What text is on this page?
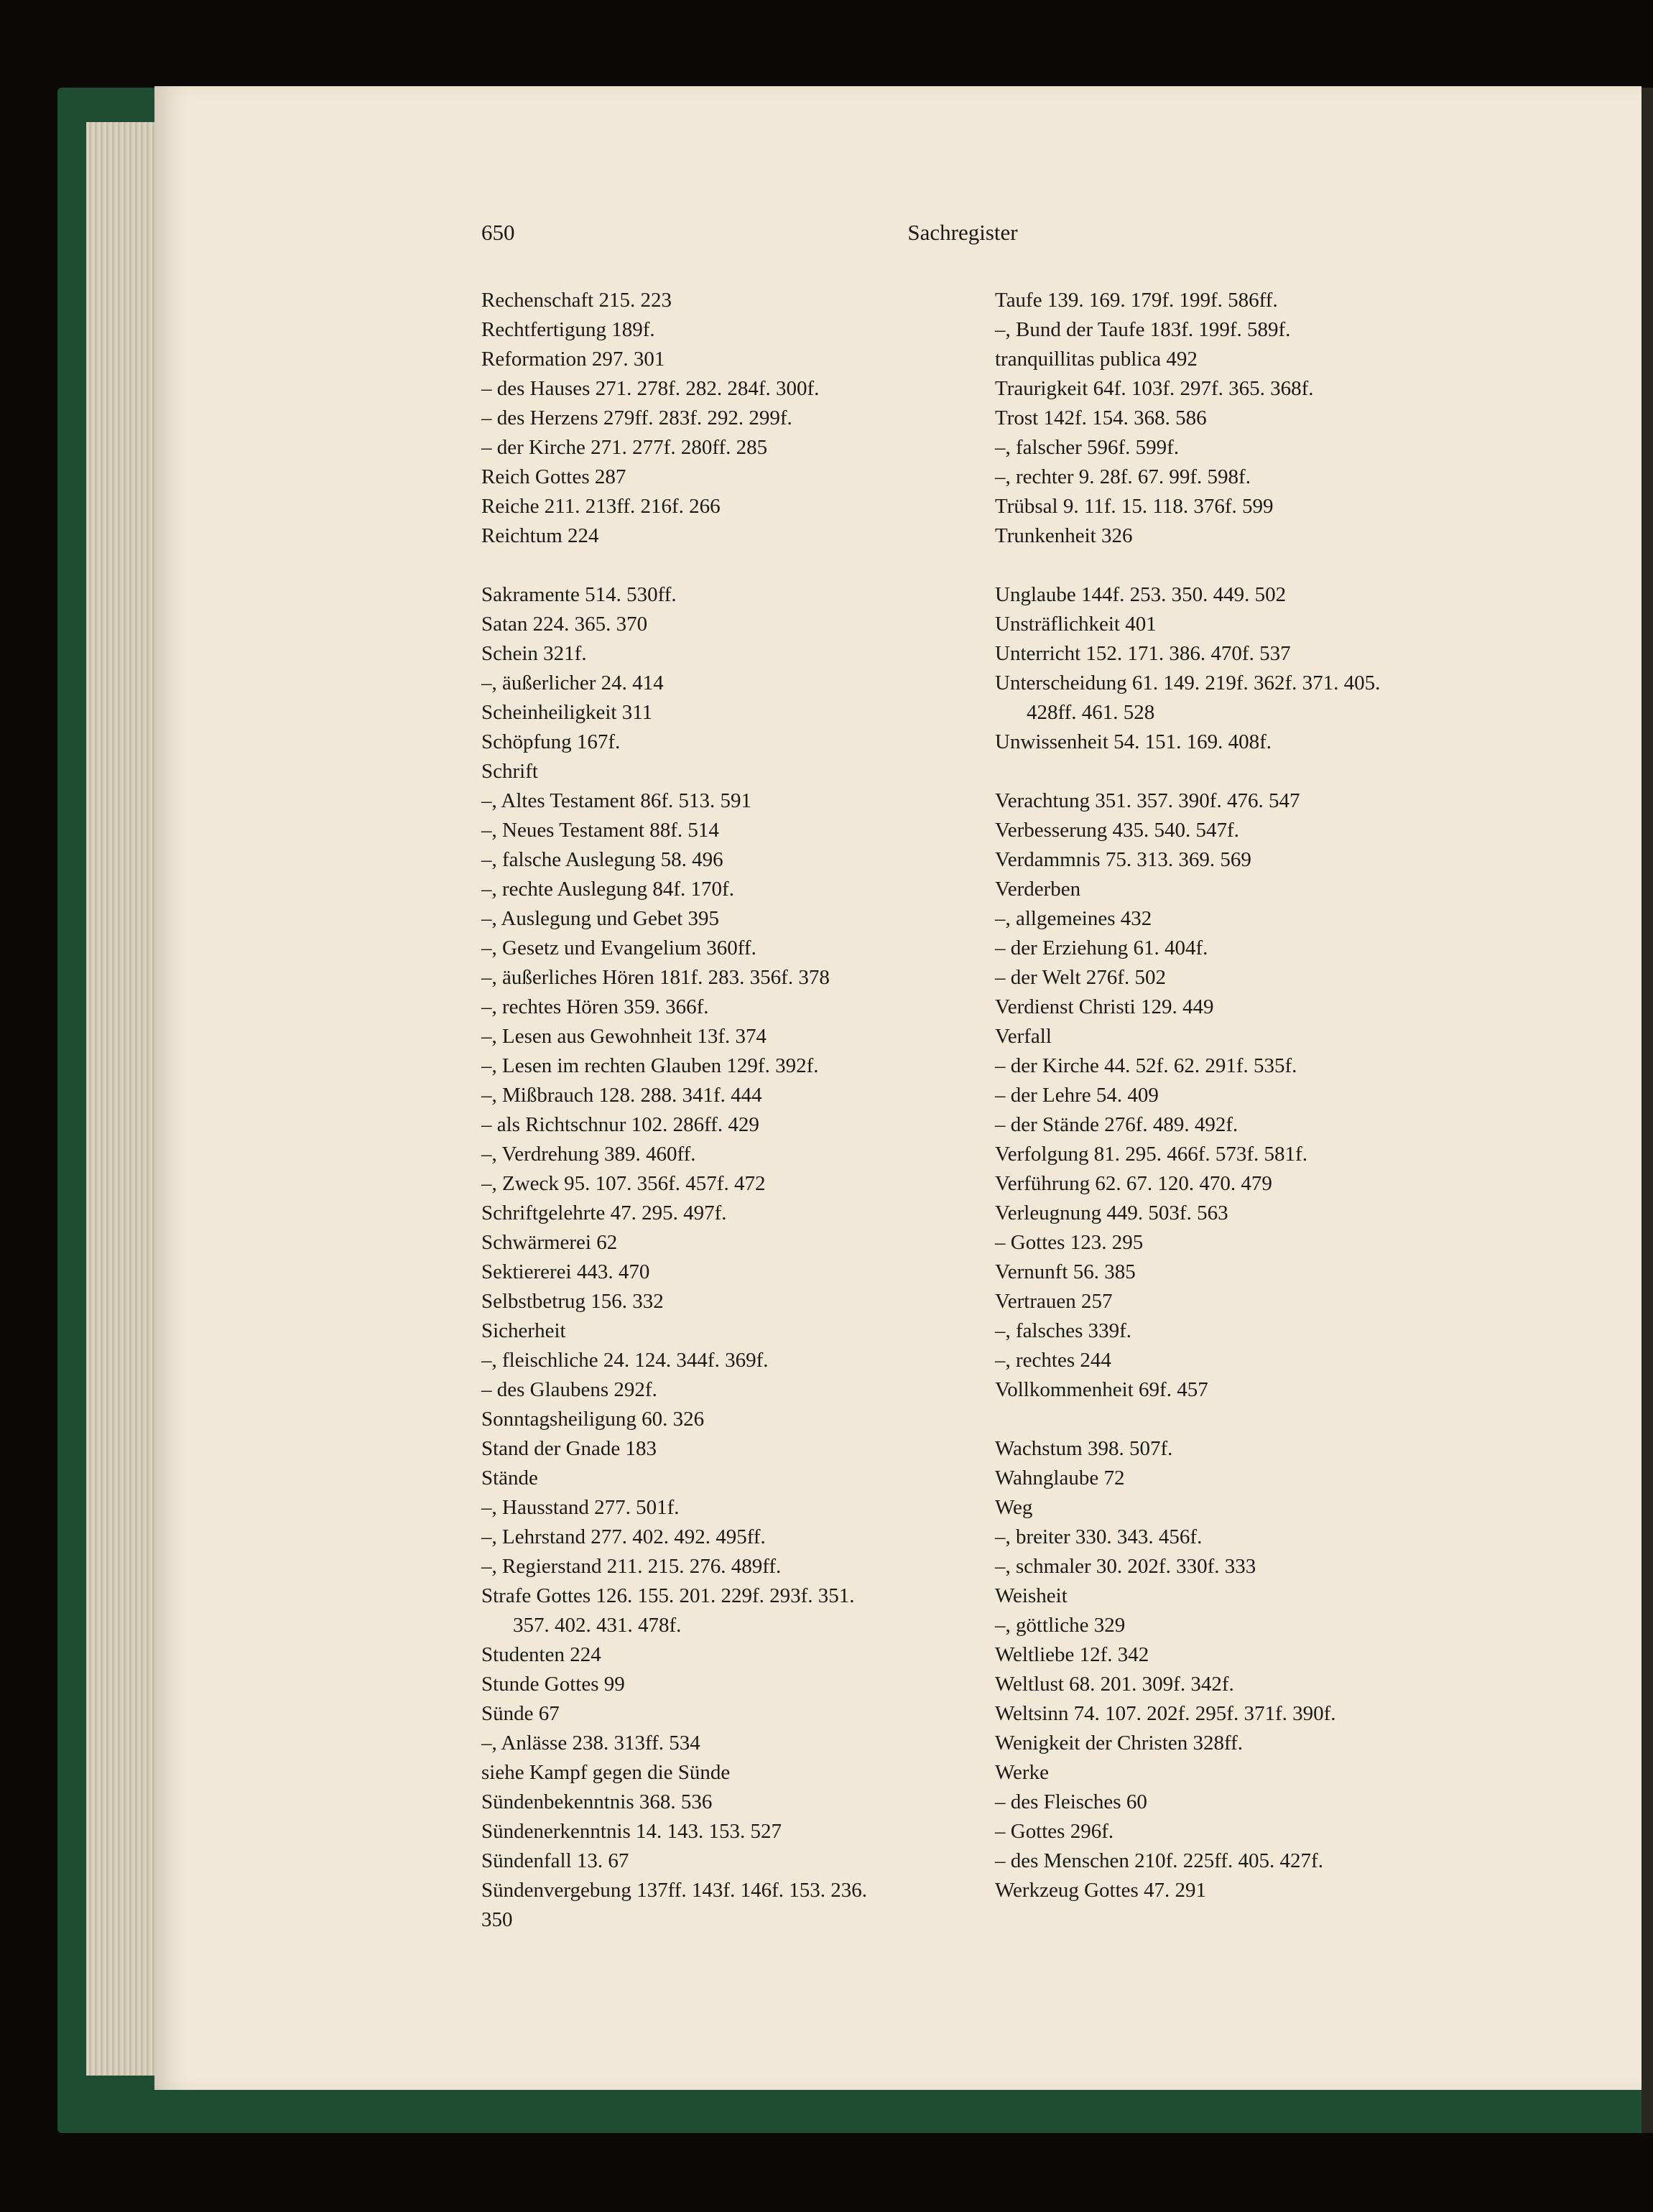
650	Sachregister
Rechenschaft 215. 223
Rechtfertigung 189f.
Reformation 297. 301
– des Hauses 271. 278f. 282. 284f. 300f.
– des Herzens 279ff. 283f. 292. 299f.
– der Kirche 271. 277f. 280ff. 285
Reich Gottes 287
Reiche 211. 213ff. 216f. 266
Reichtum 224
Sakramente 514. 530ff.
Satan 224. 365. 370
Schein 321f.
–, äußerlicher 24. 414
Scheinheiligkeit 311
Schöpfung 167f.
Schrift
–, Altes Testament 86f. 513. 591
–, Neues Testament 88f. 514
–, falsche Auslegung 58. 496
–, rechte Auslegung 84f. 170f.
–, Auslegung und Gebet 395
–, Gesetz und Evangelium 360ff.
–, äußerliches Hören 181f. 283. 356f. 378
–, rechtes Hören 359. 366f.
–, Lesen aus Gewohnheit 13f. 374
–, Lesen im rechten Glauben 129f. 392f.
–, Mißbrauch 128. 288. 341f. 444
– als Richtschnur 102. 286ff. 429
–, Verdrehung 389. 460ff.
–, Zweck 95. 107. 356f. 457f. 472
Schriftgelehrte 47. 295. 497f.
Schwärmerei 62
Sektiererei 443. 470
Selbstbetrug 156. 332
Sicherheit
–, fleischliche 24. 124. 344f. 369f.
– des Glaubens 292f.
Sonntagsheiligung 60. 326
Stand der Gnade 183
Stände
–, Hausstand 277. 501f.
–, Lehrstand 277. 402. 492. 495ff.
–, Regierstand 211. 215. 276. 489ff.
Strafe Gottes 126. 155. 201. 229f. 293f. 351.
357. 402. 431. 478f.
Studenten 224
Stunde Gottes 99
Sünde 67
–, Anlässe 238. 313ff. 534
siehe Kampf gegen die Sünde
Sündenbekenntnis 368. 536
Sündenerkenntnis 14. 143. 153. 527
Sündenfall 13. 67
Sündenvergebung 137ff. 143f. 146f. 153. 236.
350
Taufe 139. 169. 179f. 199f. 586ff.
–, Bund der Taufe 183f. 199f. 589f.
tranquillitas publica 492
Traurigkeit 64f. 103f. 297f. 365. 368f.
Trost 142f. 154. 368. 586
–, falscher 596f. 599f.
–, rechter 9. 28f. 67. 99f. 598f.
Trübsal 9. 11f. 15. 118. 376f. 599
Trunkenheit 326
Unglaube 144f. 253. 350. 449. 502
Unsträflichkeit 401
Unterricht 152. 171. 386. 470f. 537
Unterscheidung 61. 149. 219f. 362f. 371. 405.
428ff. 461. 528
Unwissenheit 54. 151. 169. 408f.
Verachtung 351. 357. 390f. 476. 547
Verbesserung 435. 540. 547f.
Verdammnis 75. 313. 369. 569
Verderben
–, allgemeines 432
– der Erziehung 61. 404f.
– der Welt 276f. 502
Verdienst Christi 129. 449
Verfall
– der Kirche 44. 52f. 62. 291f. 535f.
– der Lehre 54. 409
– der Stände 276f. 489. 492f.
Verfolgung 81. 295. 466f. 573f. 581f.
Verführung 62. 67. 120. 470. 479
Verleugnung 449. 503f. 563
– Gottes 123. 295
Vernunft 56. 385
Vertrauen 257
–, falsches 339f.
–, rechtes 244
Vollkommenheit 69f. 457
Wachstum 398. 507f.
Wahnglaube 72
Weg
–, breiter 330. 343. 456f.
–, schmaler 30. 202f. 330f. 333
Weisheit
–, göttliche 329
Weltliebe 12f. 342
Weltlust 68. 201. 309f. 342f.
Weltsinn 74. 107. 202f. 295f. 371f. 390f.
Wenigkeit der Christen 328ff.
Werke
– des Fleisches 60
– Gottes 296f.
– des Menschen 210f. 225ff. 405. 427f.
Werkzeug Gottes 47. 291
